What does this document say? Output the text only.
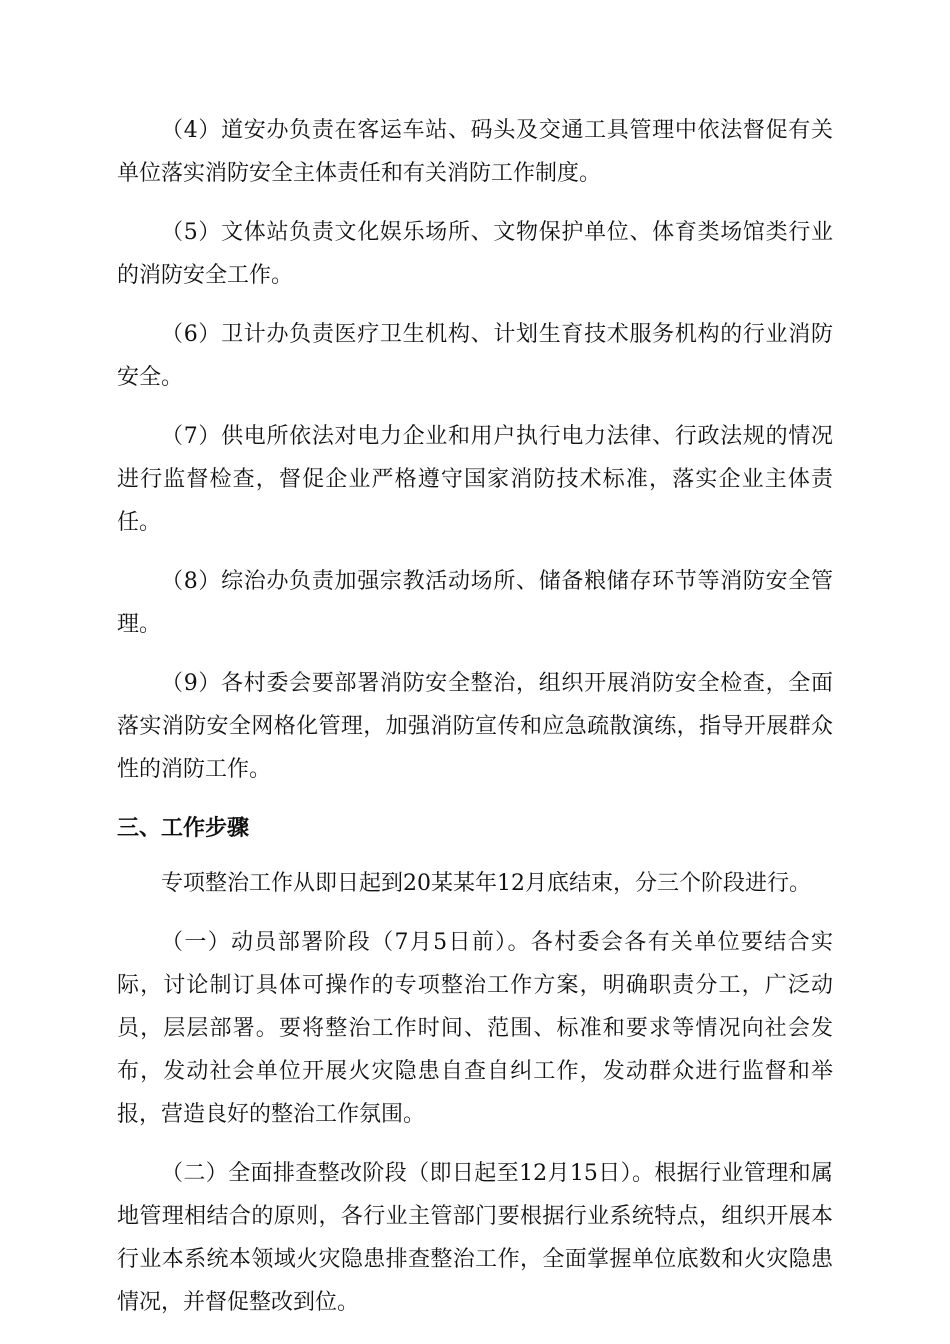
（4）道安办负责在客运车站、码头及交通工具管理中依法督促有关单位落实消防安全主体责任和有关消防工作制度。

（5）文体站负责文化娱乐场所、文物保护单位、体育类场馆类行业的消防安全工作。

（6）卫计办负责医疗卫生机构、计划生育技术服务机构的行业消防安全。

（7）供电所依法对电力企业和用户执行电力法律、行政法规的情况进行监督检查，督促企业严格遵守国家消防技术标准，落实企业主体责任。

（8）综治办负责加强宗教活动场所、储备粮储存环节等消防安全管理。

（9）各村委会要部署消防安全整治，组织开展消防安全检查，全面落实消防安全网格化管理，加强消防宣传和应急疏散演练，指导开展群众性的消防工作。

三、工作步骤

专项整治工作从即日起到20某某年12月底结束，分三个阶段进行。

（一）动员部署阶段（7月5日前）。各村委会各有关单位要结合实际，讨论制订具体可操作的专项整治工作方案，明确职责分工，广泛动员，层层部署。要将整治工作时间、范围、标准和要求等情况向社会发布，发动社会单位开展火灾隐患自查自纠工作，发动群众进行监督和举报，营造良好的整治工作氛围。

（二）全面排查整改阶段（即日起至12月15日）。根据行业管理和属地管理相结合的原则，各行业主管部门要根据行业系统特点，组织开展本行业本系统本领域火灾隐患排查整治工作，全面掌握单位底数和火灾隐患情况，并督促整改到位。
